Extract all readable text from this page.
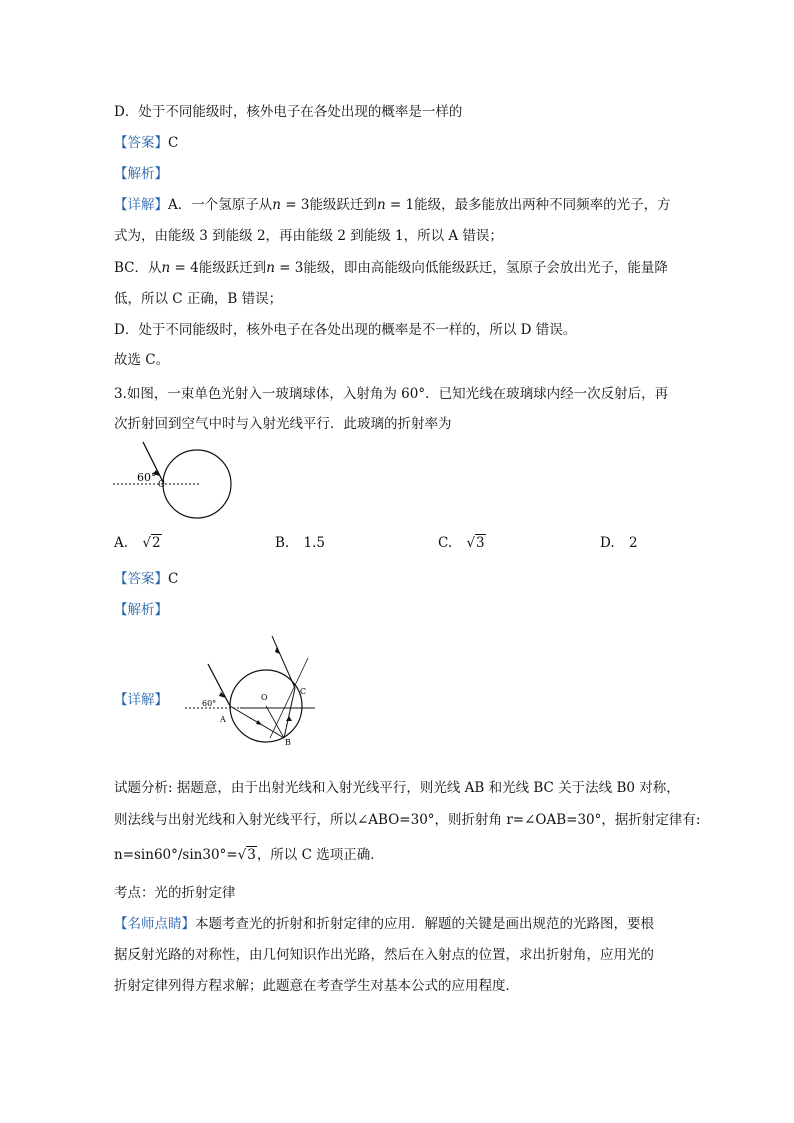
D．处于不同能级时，核外电子在各处出现的概率是一样的
【答案】C
【解析】
【详解】A．一个氢原子从n = 3能级跃迁到n = 1能级，最多能放出两种不同频率的光子，方
式为，由能级 3 到能级 2，再由能级 2 到能级 1，所以 A 错误；
BC．从n = 4能级跃迁到n = 3能级，即由高能级向低能级跃迁，氢原子会放出光子，能量降
低，所以 C 正确，B 错误；
D．处于不同能级时，核外电子在各处出现的概率是不一样的，所以 D 错误。
故选 C。
3.如图，一束单色光射入一玻璃球体，入射角为 60°．已知光线在玻璃球内经一次反射后，再
次折射回到空气中时与入射光线平行．此玻璃的折射率为
60°
C
A. √2	B. 1.5	C. √3	D. 2
【答案】C
【解析】
【详解】	60°
O
A
B
C
试题分析: 据题意，由于出射光线和入射光线平行，则光线 AB 和光线 BC 关于法线 B0 对称，
则法线与出射光线和入射光线平行，所以∠ABO=30°，则折射角 r=∠OAB=30°，据折射定律有:
n=sin60°/sin30°=√3，所以 C 选项正确．
考点：光的折射定律
【名师点睛】本题考查光的折射和折射定律的应用．解题的关键是画出规范的光路图，要根
据反射光路的对称性，由几何知识作出光路，然后在入射点的位置，求出折射角，应用光的
折射定律列得方程求解；此题意在考查学生对基本公式的应用程度．
